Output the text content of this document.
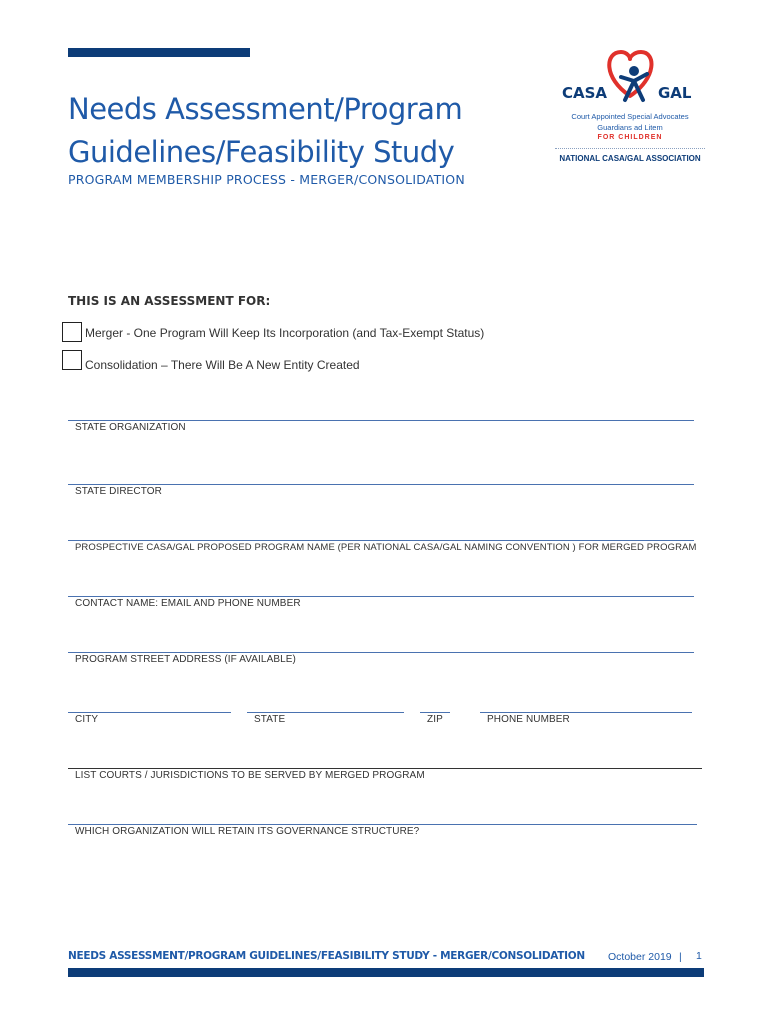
Needs Assessment/Program
Guidelines/Feasibility Study
PROGRAM MEMBERSHIP PROCESS - MERGER/CONSOLIDATION
CASA	GAL
Court Appointed Special Advocates
Guardians ad Litem
FOR CHILDREN
NATIONAL CASA/GAL ASSOCIATION
THIS IS AN ASSESSMENT FOR:
Merger - One Program Will Keep Its Incorporation (and Tax-Exempt Status)
Consolidation – There Will Be A New Entity Created
STATE ORGANIZATION
STATE DIRECTOR
PROSPECTIVE CASA/GAL PROPOSED PROGRAM NAME (PER NATIONAL CASA/GAL NAMING CONVENTION ) FOR MERGED PROGRAM
CONTACT NAME: EMAIL AND PHONE NUMBER
PROGRAM STREET ADDRESS (IF AVAILABLE)
CITY	STATE	ZIP	PHONE NUMBER
LIST COURTS / JURISDICTIONS TO BE SERVED BY MERGED PROGRAM
WHICH ORGANIZATION WILL RETAIN ITS GOVERNANCE STRUCTURE?
NEEDS ASSESSMENT/PROGRAM GUIDELINES/FEASIBILITY STUDY - MERGER/CONSOLIDATION October 2019 | 1
